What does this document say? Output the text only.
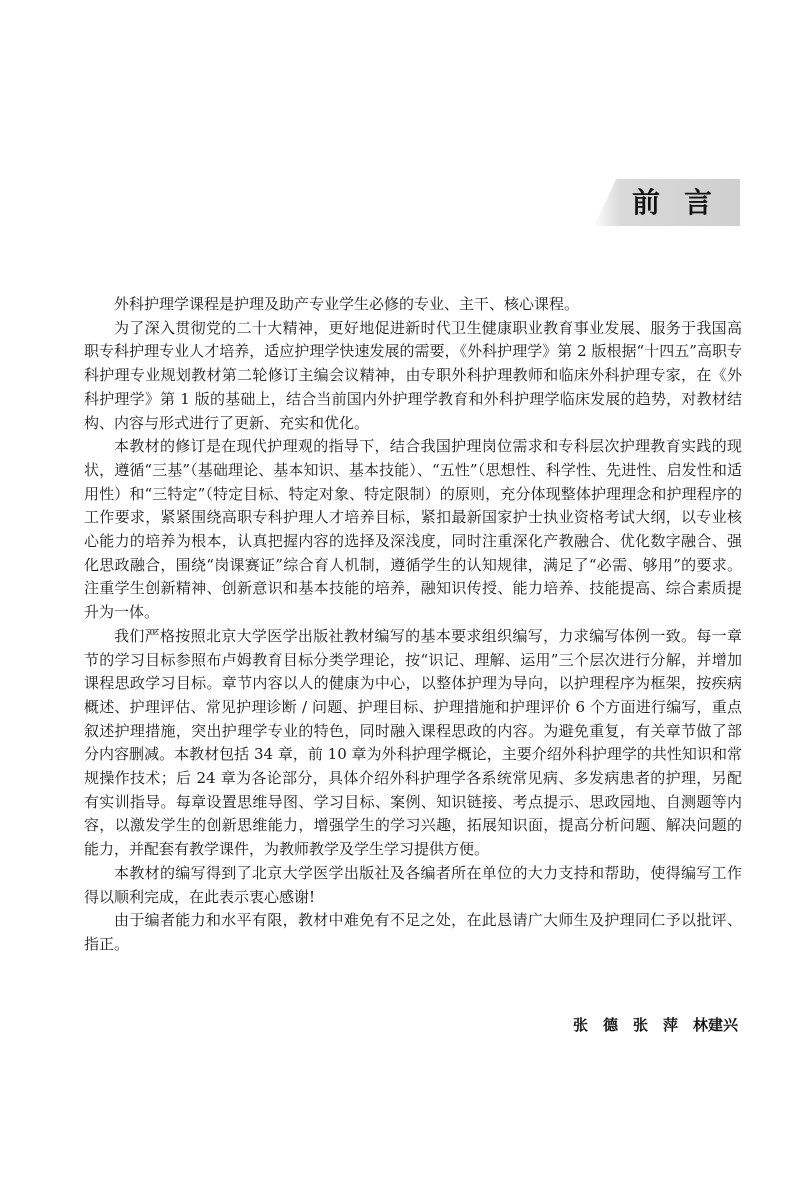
前言

外科护理学课程是护理及助产专业学生必修的专业、主干、核心课程。

为了深入贯彻党的二十大精神，更好地促进新时代卫生健康职业教育事业发展、服务于我国高职专科护理专业人才培养，适应护理学快速发展的需要，《外科护理学》第 2 版根据“十四五”高职专科护理专业规划教材第二轮修订主编会议精神，由专职外科护理教师和临床外科护理专家，在《外科护理学》第 1 版的基础上，结合当前国内外护理学教育和外科护理学临床发展的趋势，对教材结构、内容与形式进行了更新、充实和优化。

本教材的修订是在现代护理观的指导下，结合我国护理岗位需求和专科层次护理教育实践的现状，遵循“三基”（基础理论、基本知识、基本技能）、“五性”（思想性、科学性、先进性、启发性和适用性）和“三特定”（特定目标、特定对象、特定限制）的原则，充分体现整体护理理念和护理程序的工作要求，紧紧围绕高职专科护理人才培养目标，紧扣最新国家护士执业资格考试大纲，以专业核心能力的培养为根本，认真把握内容的选择及深浅度，同时注重深化产教融合、优化数字融合、强化思政融合，围绕“岗课赛证”综合育人机制，遵循学生的认知规律，满足了“必需、够用”的要求。注重学生创新精神、创新意识和基本技能的培养，融知识传授、能力培养、技能提高、综合素质提升为一体。

我们严格按照北京大学医学出版社教材编写的基本要求组织编写，力求编写体例一致。每一章节的学习目标参照布卢姆教育目标分类学理论，按“识记、理解、运用”三个层次进行分解，并增加课程思政学习目标。章节内容以人的健康为中心，以整体护理为导向，以护理程序为框架，按疾病概述、护理评估、常见护理诊断 / 问题、护理目标、护理措施和护理评价 6 个方面进行编写，重点叙述护理措施，突出护理学专业的特色，同时融入课程思政的内容。为避免重复，有关章节做了部分内容删减。本教材包括 34 章，前 10 章为外科护理学概论，主要介绍外科护理学的共性知识和常规操作技术；后 24 章为各论部分，具体介绍外科护理学各系统常见病、多发病患者的护理，另配有实训指导。每章设置思维导图、学习目标、案例、知识链接、考点提示、思政园地、自测题等内容，以激发学生的创新思维能力，增强学生的学习兴趣，拓展知识面，提高分析问题、解决问题的能力，并配套有教学课件，为教师教学及学生学习提供方便。

本教材的编写得到了北京大学医学出版社及各编者所在单位的大力支持和帮助，使得编写工作得以顺利完成，在此表示衷心感谢!

由于编者能力和水平有限，教材中难免有不足之处，在此恳请广大师生及护理同仁予以批评、指正。

张　德　张　萍　林建兴
